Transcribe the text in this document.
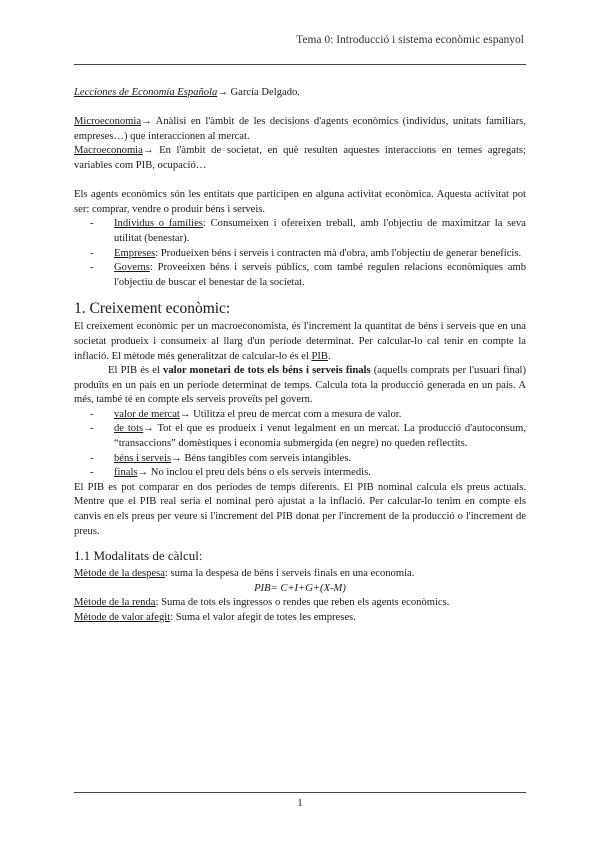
Tema 0: Introducció i sistema econòmic espanyol

Lecciones de Economía Española→ García Delgado.

Microeconomia→ Anàlisi en l'àmbit de les decisions d'agents econòmics (individus, unitats familiars, empreses…) que interaccionen al mercat.

Macroeconomia→ En l'àmbit de societat, en què resulten aquestes interaccions en temes agregats; variables com PIB, ocupació…

Els agents econòmics són les entitats que participen en alguna activitat econòmica. Aquesta activitat pot ser: comprar, vendre o produir béns i serveis.

- Individus o famílies: Consumeixen i ofereixen treball, amb l'objectiu de maximitzar la seva utilitat (benestar).
- Empreses: Produeixen béns i serveis i contracten mà d'obra, amb l'objectiu de generar beneficis.
- Governs: Proveeixen béns i serveis públics, com també regulen relacions econòmiques amb l'objectiu de buscar el benestar de la societat.
1. Creixement econòmic:

El creixement econòmic per un macroeconomista, és l'increment la quantitat de béns i serveis que en una societat produeix i consumeix al llarg d'un període determinat. Per calcular-lo cal tenir en compte la inflació. El mètode més generalitzat de calcular-lo és el PIB.

El PIB és el valor monetari de tots els béns i serveis finals (aquells comprats per l'usuari final) produïts en un país en un període determinat de temps. Calcula tota la producció generada en un país. A més, també té en compte els serveis proveïts pel govern.

- valor de mercat→ Utilitza el preu de mercat com a mesura de valor.
- de tots→ Tot el que es produeix i venut legalment en un mercat. La producció d'autoconsum, “transaccions” domèstiques i economia submergida (en negre) no queden reflectits.
- béns i serveis→ Béns tangibles com serveis intangibles.
- finals→ No inclou el preu dels béns o els serveis intermedis.

El PIB es pot comparar en dos períodes de temps diferents. El PIB nominal calcula els preus actuals. Mentre que el PIB real seria el nominal però ajustat a la inflació. Per calcular-lo tenim en compte els canvis en els preus per veure si l'increment del PIB donat per l'increment de la producció o l'increment de preus.

1.1 Modalitats de càlcul:

Mètode de la despesa: suma la despesa de béns i serveis finals en una economia.

PIB= C+I+G+(X-M)

Mètode de la renda: Suma de tots els ingressos o rendes que reben els agents econòmics.

Mètode de valor afegit: Suma el valor afegit de totes les empreses.

1
